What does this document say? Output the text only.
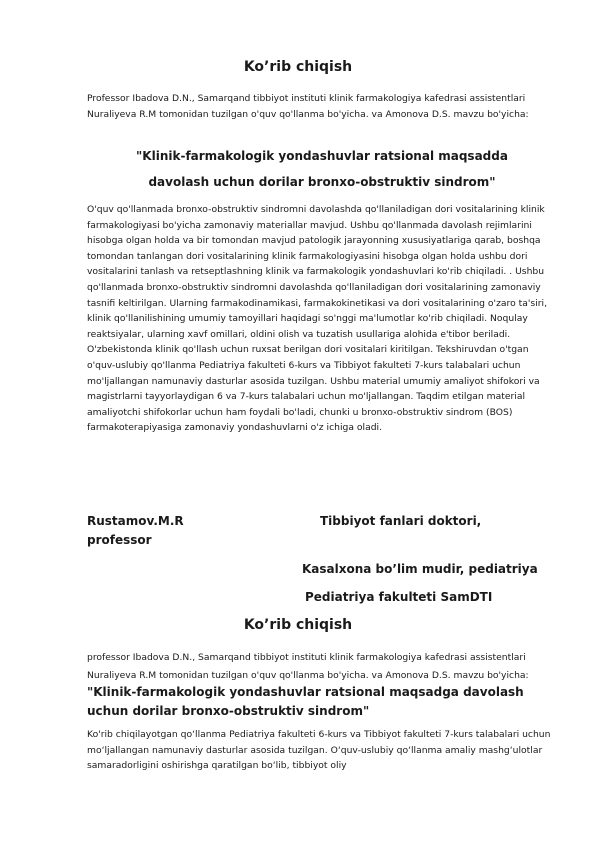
Ko’rib chiqish

Professor Ibadova D.N., Samarqand tibbiyot instituti klinik farmakologiya kafedrasi assistentlari Nuraliyeva R.M tomonidan tuzilgan o'quv qo'llanma bo'yicha. va Amonova D.S. mavzu bo'yicha:

"Klinik-farmakologik yondashuvlar ratsional maqsadda
davolash uchun dorilar bronxo-obstruktiv sindrom"

O'quv qo'llanmada bronxo-obstruktiv sindromni davolashda qo'llaniladigan dori vositalarining klinik farmakologiyasi bo'yicha zamonaviy materiallar mavjud. Ushbu qo'llanmada davolash rejimlarini hisobga olgan holda va bir tomondan mavjud patologik jarayonning xususiyatlariga qarab, boshqa tomondan tanlangan dori vositalarining klinik farmakologiyasini hisobga olgan holda ushbu dori vositalarini tanlash va retseptlashning klinik va farmakologik yondashuvlari ko'rib chiqiladi. . Ushbu qo'llanmada bronxo-obstruktiv sindromni davolashda qo'llaniladigan dori vositalarining zamonaviy tasnifi keltirilgan. Ularning farmakodinamikasi, farmakokinetikasi va dori vositalarining o'zaro ta'siri, klinik qo'llanilishining umumiy tamoyillari haqidagi so'nggi ma'lumotlar ko'rib chiqiladi. Noqulay reaktsiyalar, ularning xavf omillari, oldini olish va tuzatish usullariga alohida e'tibor beriladi. O'zbekistonda klinik qo'llash uchun ruxsat berilgan dori vositalari kiritilgan. Tekshiruvdan o'tgan o'quv-uslubiy qo'llanma Pediatriya fakulteti 6-kurs va Tibbiyot fakulteti 7-kurs talabalari uchun mo'ljallangan namunaviy dasturlar asosida tuzilgan. Ushbu material umumiy amaliyot shifokori va magistrlarni tayyorlaydigan 6 va 7-kurs talabalari uchun mo'ljallangan. Taqdim etilgan material amaliyotchi shifokorlar uchun ham foydali bo'ladi, chunki u bronxo-obstruktiv sindrom (BOS) farmakoterapiyasiga zamonaviy yondashuvlarni o'z ichiga oladi.

Rustamov.M.R	Tibbiyot fanlari doktori,
professor
Kasalxona bo’lim mudir, pediatriya
Pediatriya fakulteti SamDTI
Ko’rib chiqish

professor Ibadova D.N., Samarqand tibbiyot instituti klinik farmakologiya kafedrasi assistentlari Nuraliyeva R.M tomonidan tuzilgan o'quv qo'llanma bo'yicha. va Amonova D.S. mavzu bo'yicha: "Klinik-farmakologik yondashuvlar ratsional maqsadga davolash uchun dorilar bronxo-obstruktiv sindrom"

Ko'rib chiqilayotgan qo‘llanma Pediatriya fakulteti 6-kurs va Tibbiyot fakulteti 7-kurs talabalari uchun mo‘ljallangan namunaviy dasturlar asosida tuzilgan. O‘quv-uslubiy qo‘llanma amaliy mashg‘ulotlar samaradorligini oshirishga qaratilgan bo‘lib, tibbiyot oliy
